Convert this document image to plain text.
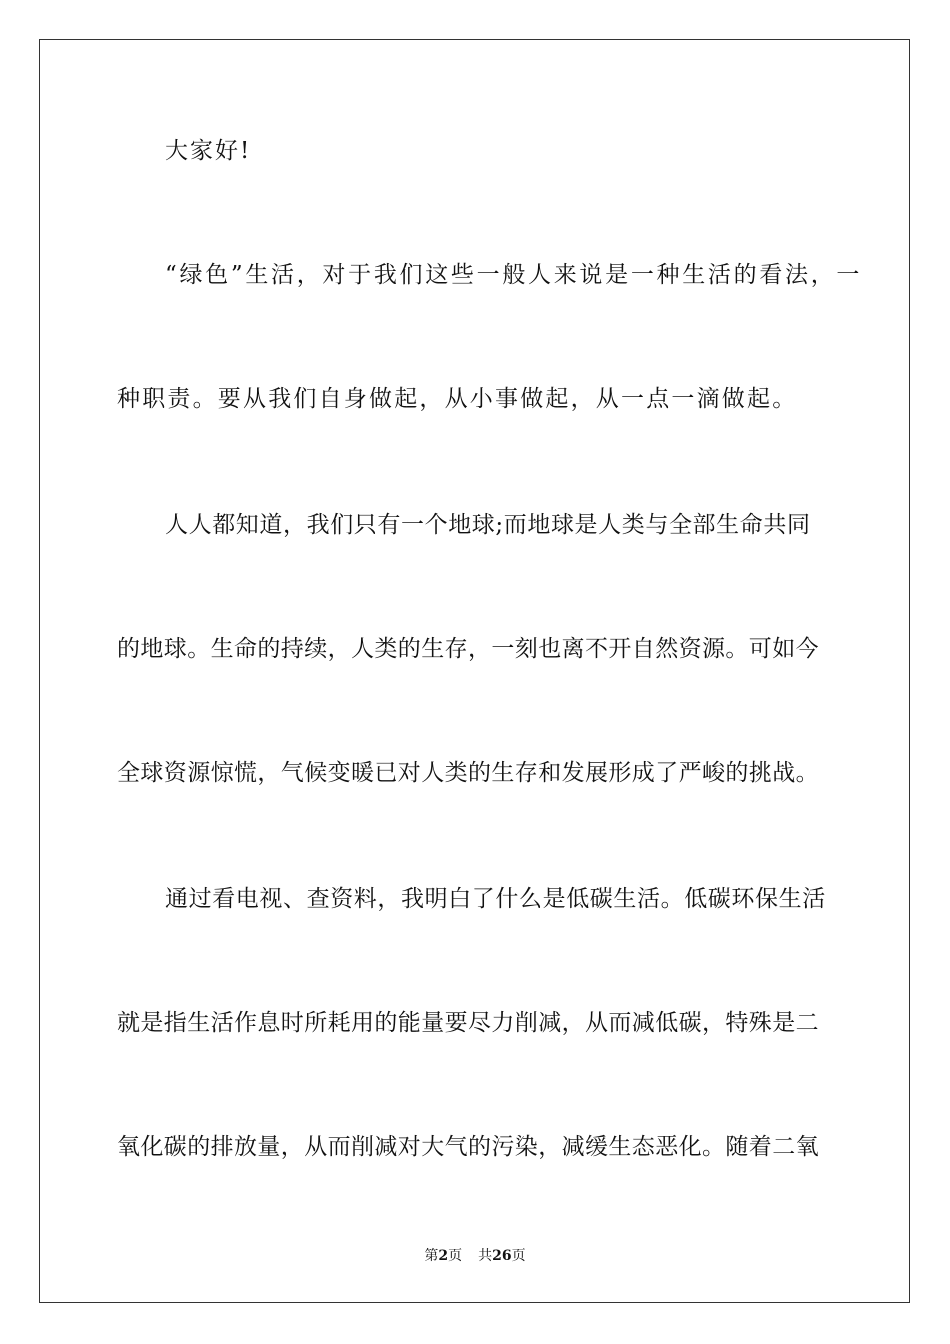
大家好!
“绿色”生活，对于我们这些一般人来说是一种生活的看法，一
种职责。要从我们自身做起，从小事做起，从一点一滴做起。
人人都知道，我们只有一个地球;而地球是人类与全部生命共同
的地球。生命的持续，人类的生存，一刻也离不开自然资源。可如今
全球资源惊慌，气候变暖已对人类的生存和发展形成了严峻的挑战。
通过看电视、查资料，我明白了什么是低碳生活。低碳环保生活
就是指生活作息时所耗用的能量要尽力削减，从而减低碳，特殊是二
氧化碳的排放量，从而削减对大气的污染，减缓生态恶化。随着二氧
第2页 共26页
